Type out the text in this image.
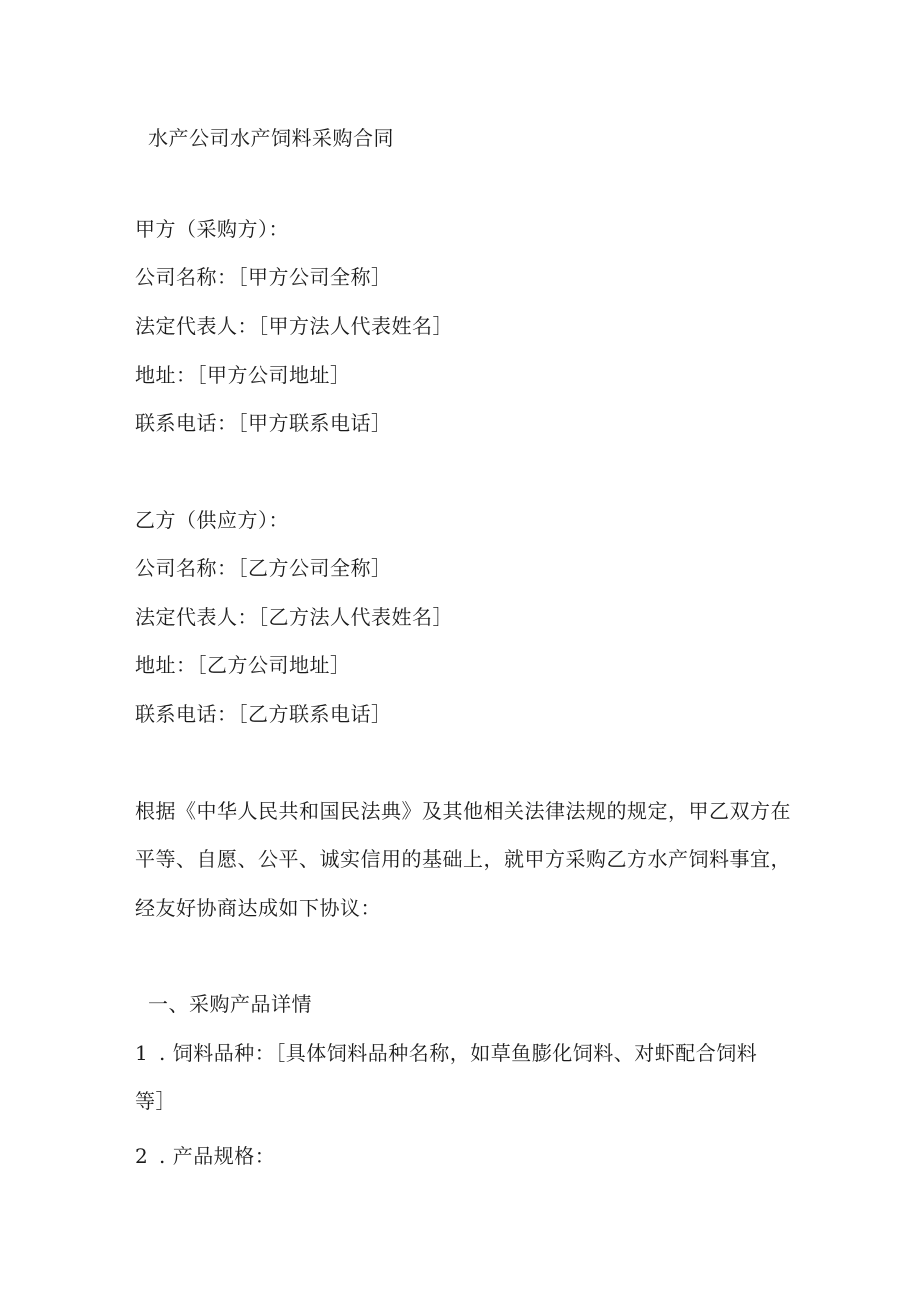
水产公司水产饲料采购合同
甲方（采购方）：
公司名称：［甲方公司全称］
法定代表人：［甲方法人代表姓名］
地址：［甲方公司地址］
联系电话：［甲方联系电话］
乙方（供应方）：
公司名称：［乙方公司全称］
法定代表人：［乙方法人代表姓名］
地址：［乙方公司地址］
联系电话：［乙方联系电话］
根据《中华人民共和国民法典》及其他相关法律法规的规定，甲乙双方在
平等、自愿、公平、诚实信用的基础上，就甲方采购乙方水产饲料事宜，
经友好协商达成如下协议：
一、采购产品详情
1 . 饲料品种：［具体饲料品种名称，如草鱼膨化饲料、对虾配合饲料
等］
2 . 产品规格：
